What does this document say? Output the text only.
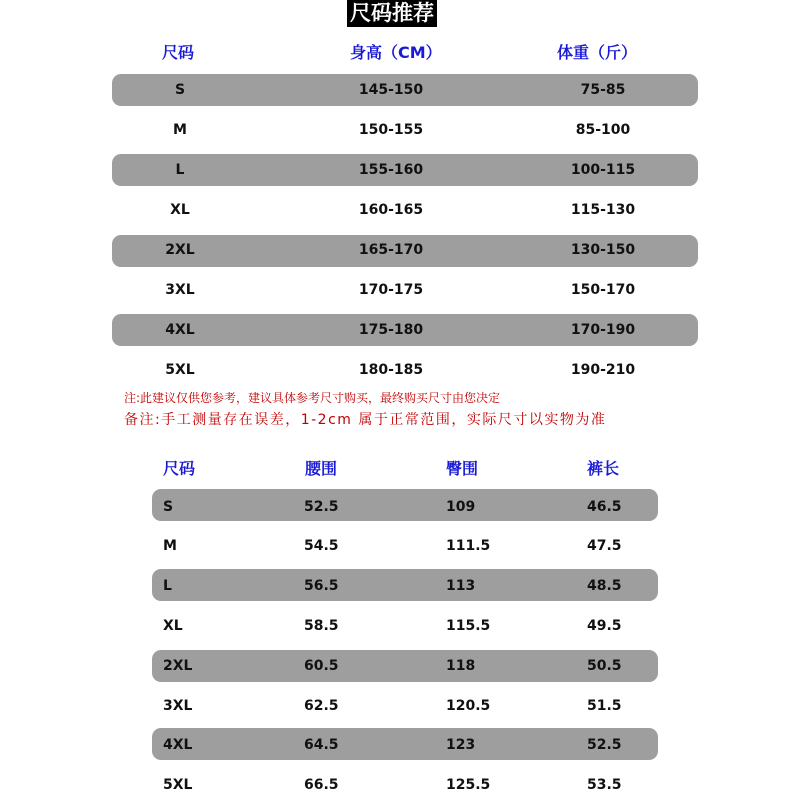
尺码推荐
尺码	身高（CM）	体重（斤）
S	145-150	75-85
M	150-155	85-100
L	155-160	100-115
XL	160-165	115-130
2XL	165-170	130-150
3XL	170-175	150-170
4XL	175-180	170-190
5XL	180-185	190-210
注:此建议仅供您参考，建议具体参考尺寸购买，最终购买尺寸由您决定
备注:手工测量存在误差，1-2cm 属于正常范围，实际尺寸以实物为准
尺码	腰围	臀围	裤长
S	52.5	109	46.5
M	54.5	111.5	47.5
L	56.5	113	48.5
XL	58.5	115.5	49.5
2XL	60.5	118	50.5
3XL	62.5	120.5	51.5
4XL	64.5	123	52.5
5XL	66.5	125.5	53.5
